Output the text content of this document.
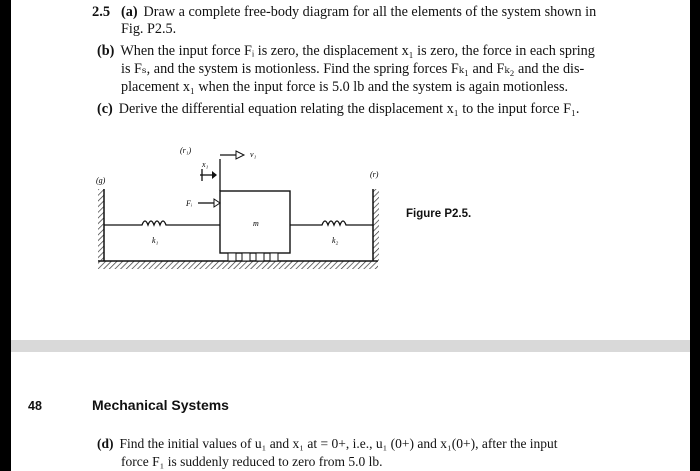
2.5 (a) Draw a complete free-body diagram for all the elements of the system shown in
Fig. P2.5.
(b) When the input force Fᵢ is zero, the displacement x₁ is zero, the force in each spring
is Fₛ, and the system is motionless. Find the spring forces Fₖ₁ and Fₖ₂ and the dis-
placement x₁ when the input force is 5.0 lb and the system is again motionless.
(c) Derive the differential equation relating the displacement x₁ to the input force F₁.
(g)
(r₁)
(r)
x₁
v₁
Fᵢ
m
k₁	k₂
Figure P2.5.
48	Mechanical Systems
(d) Find the initial values of u₁ and x₁ at = 0+, i.e., u₁ (0+) and x₁(0+), after the input
force F₁ is suddenly reduced to zero from 5.0 lb.
